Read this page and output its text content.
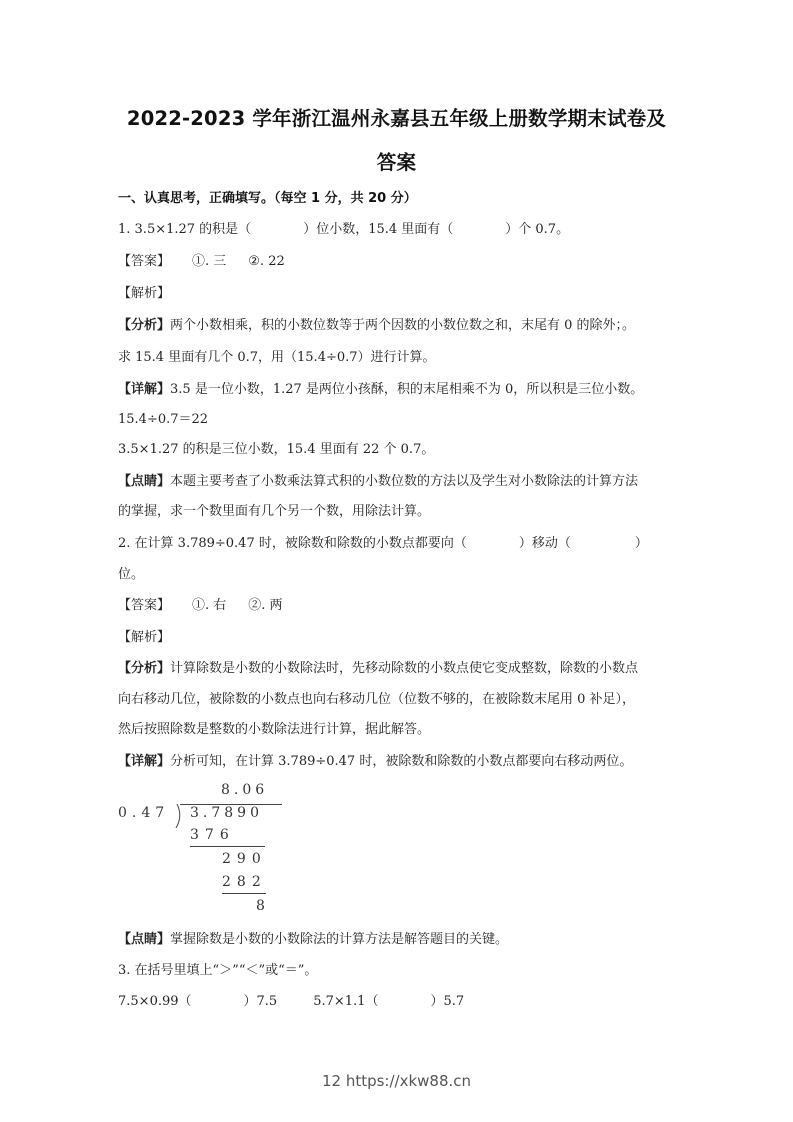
2022-2023 学年浙江温州永嘉县五年级上册数学期末试卷及
答案
一、认真思考，正确填写。（每空 1 分，共 20 分）
1. 3.5×1.27 的积是（	）位小数，15.4 里面有（	）个 0.7。
【答案】 ①. 三 ②. 22
【解析】
【分析】两个小数相乘，积的小数位数等于两个因数的小数位数之和，末尾有 0 的除外；。
求 15.4 里面有几个 0.7，用（15.4÷0.7）进行计算。
【详解】3.5 是一位小数，1.27 是两位小孩酥，积的末尾相乘不为 0，所以积是三位小数。
15.4÷0.7＝22
3.5×1.27 的积是三位小数，15.4 里面有 22 个 0.7。
【点睛】本题主要考查了小数乘法算式积的小数位数的方法以及学生对小数除法的计算方法
的掌握，求一个数里面有几个另一个数，用除法计算。
2. 在计算 3.789÷0.47 时，被除数和除数的小数点都要向（	）移动（	）
位。
【答案】 ①. 右 ②. 两
【解析】
【分析】计算除数是小数的小数除法时，先移动除数的小数点使它变成整数，除数的小数点
向右移动几位，被除数的小数点也向右移动几位（位数不够的，在被除数末尾用 0 补足），
然后按照除数是整数的小数除法进行计算，据此解答。
【详解】分析可知，在计算 3.789÷0.47 时，被除数和除数的小数点都要向右移动两位。
8.06
0.47 3.7890
376
290
282
8
【点睛】掌握除数是小数的小数除法的计算方法是解答题目的关键。
3. 在括号里填上“＞”“＜”或“＝”。
7.5×0.99（	）7.5	5.7×1.1（	）5.7
12 https://xkw88.cn
